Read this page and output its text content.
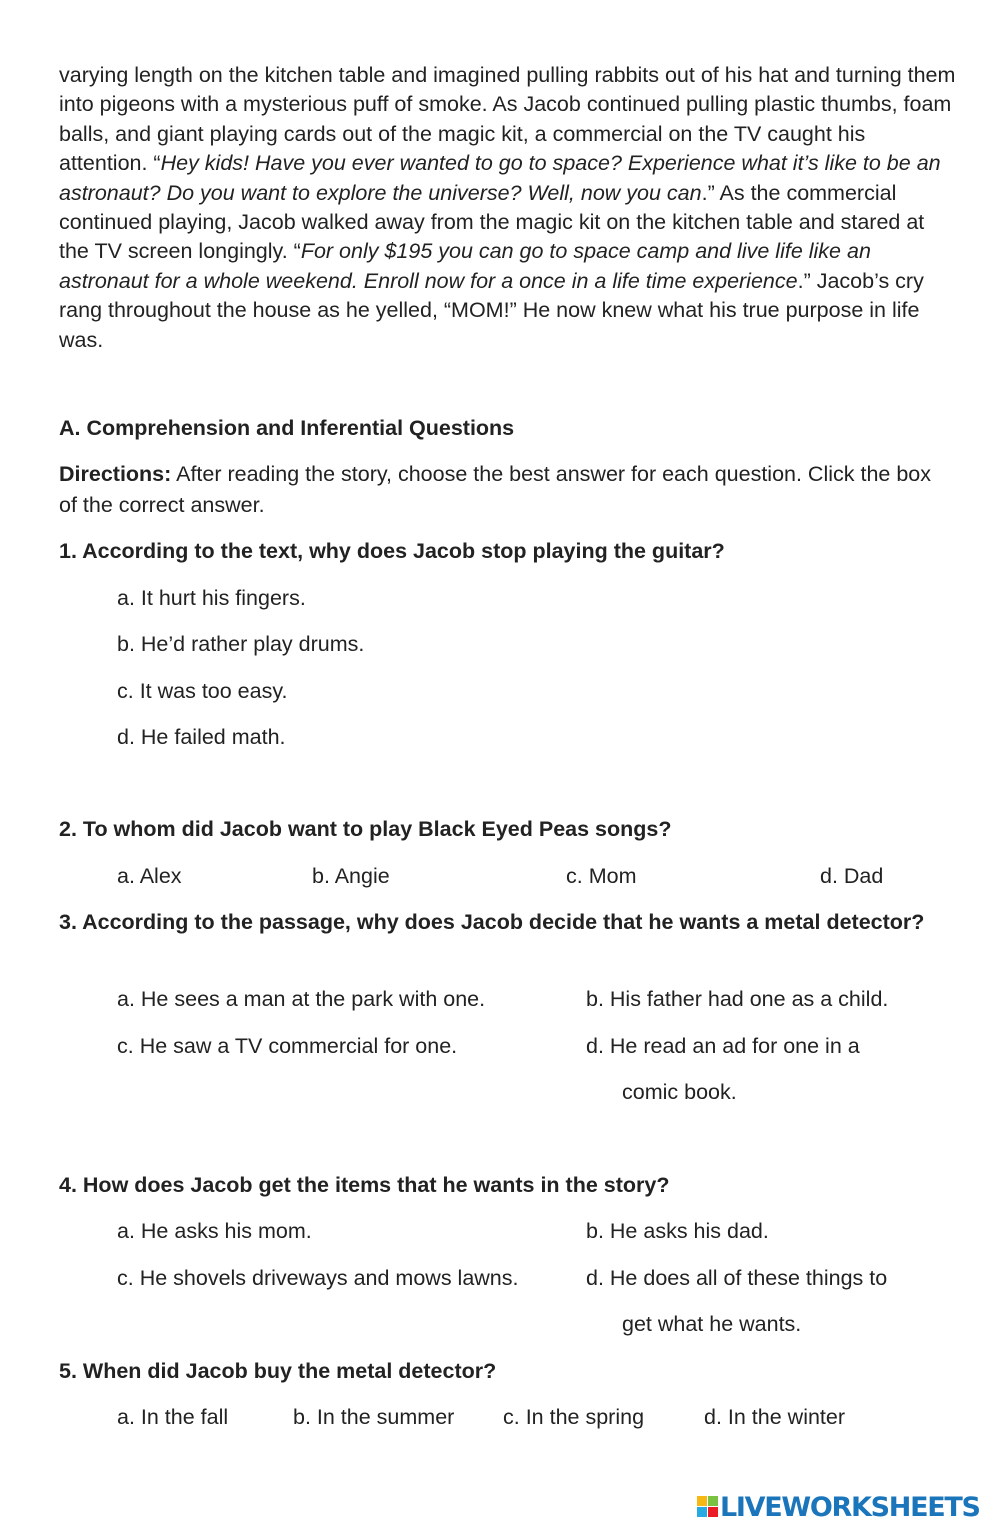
varying length on the kitchen table and imagined pulling rabbits out of his hat and turning them into pigeons with a mysterious puff of smoke. As Jacob continued pulling plastic thumbs, foam balls, and giant playing cards out of the magic kit, a commercial on the TV caught his attention. “Hey kids! Have you ever wanted to go to space? Experience what it’s like to be an astronaut? Do you want to explore the universe? Well, now you can.” As the commercial continued playing, Jacob walked away from the magic kit on the kitchen table and stared at the TV screen longingly. “For only $195 you can go to space camp and live life like an astronaut for a whole weekend. Enroll now for a once in a life time experience.” Jacob’s cry rang throughout the house as he yelled, “MOM!” He now knew what his true purpose in life was.

A. Comprehension and Inferential Questions
Directions: After reading the story, choose the best answer for each question. Click the box of the correct answer.
1. According to the text, why does Jacob stop playing the guitar?
a. It hurt his fingers.
b. He’d rather play drums.
c. It was too easy.
d. He failed math.
2. To whom did Jacob want to play Black Eyed Peas songs?
a. Alex	b. Angie	c. Mom	d. Dad
3. According to the passage, why does Jacob decide that he wants a metal detector?
a. He sees a man at the park with one.	b. His father had one as a child.
c. He saw a TV commercial for one.	d. He read an ad for one in a
comic book.
4. How does Jacob get the items that he wants in the story?
a. He asks his mom.	b. He asks his dad.
c. He shovels driveways and mows lawns.	d. He does all of these things to
get what he wants.
5. When did Jacob buy the metal detector?
a. In the fall	b. In the summer c. In the spring	d. In the winter
LIVEWORKSHEETS
